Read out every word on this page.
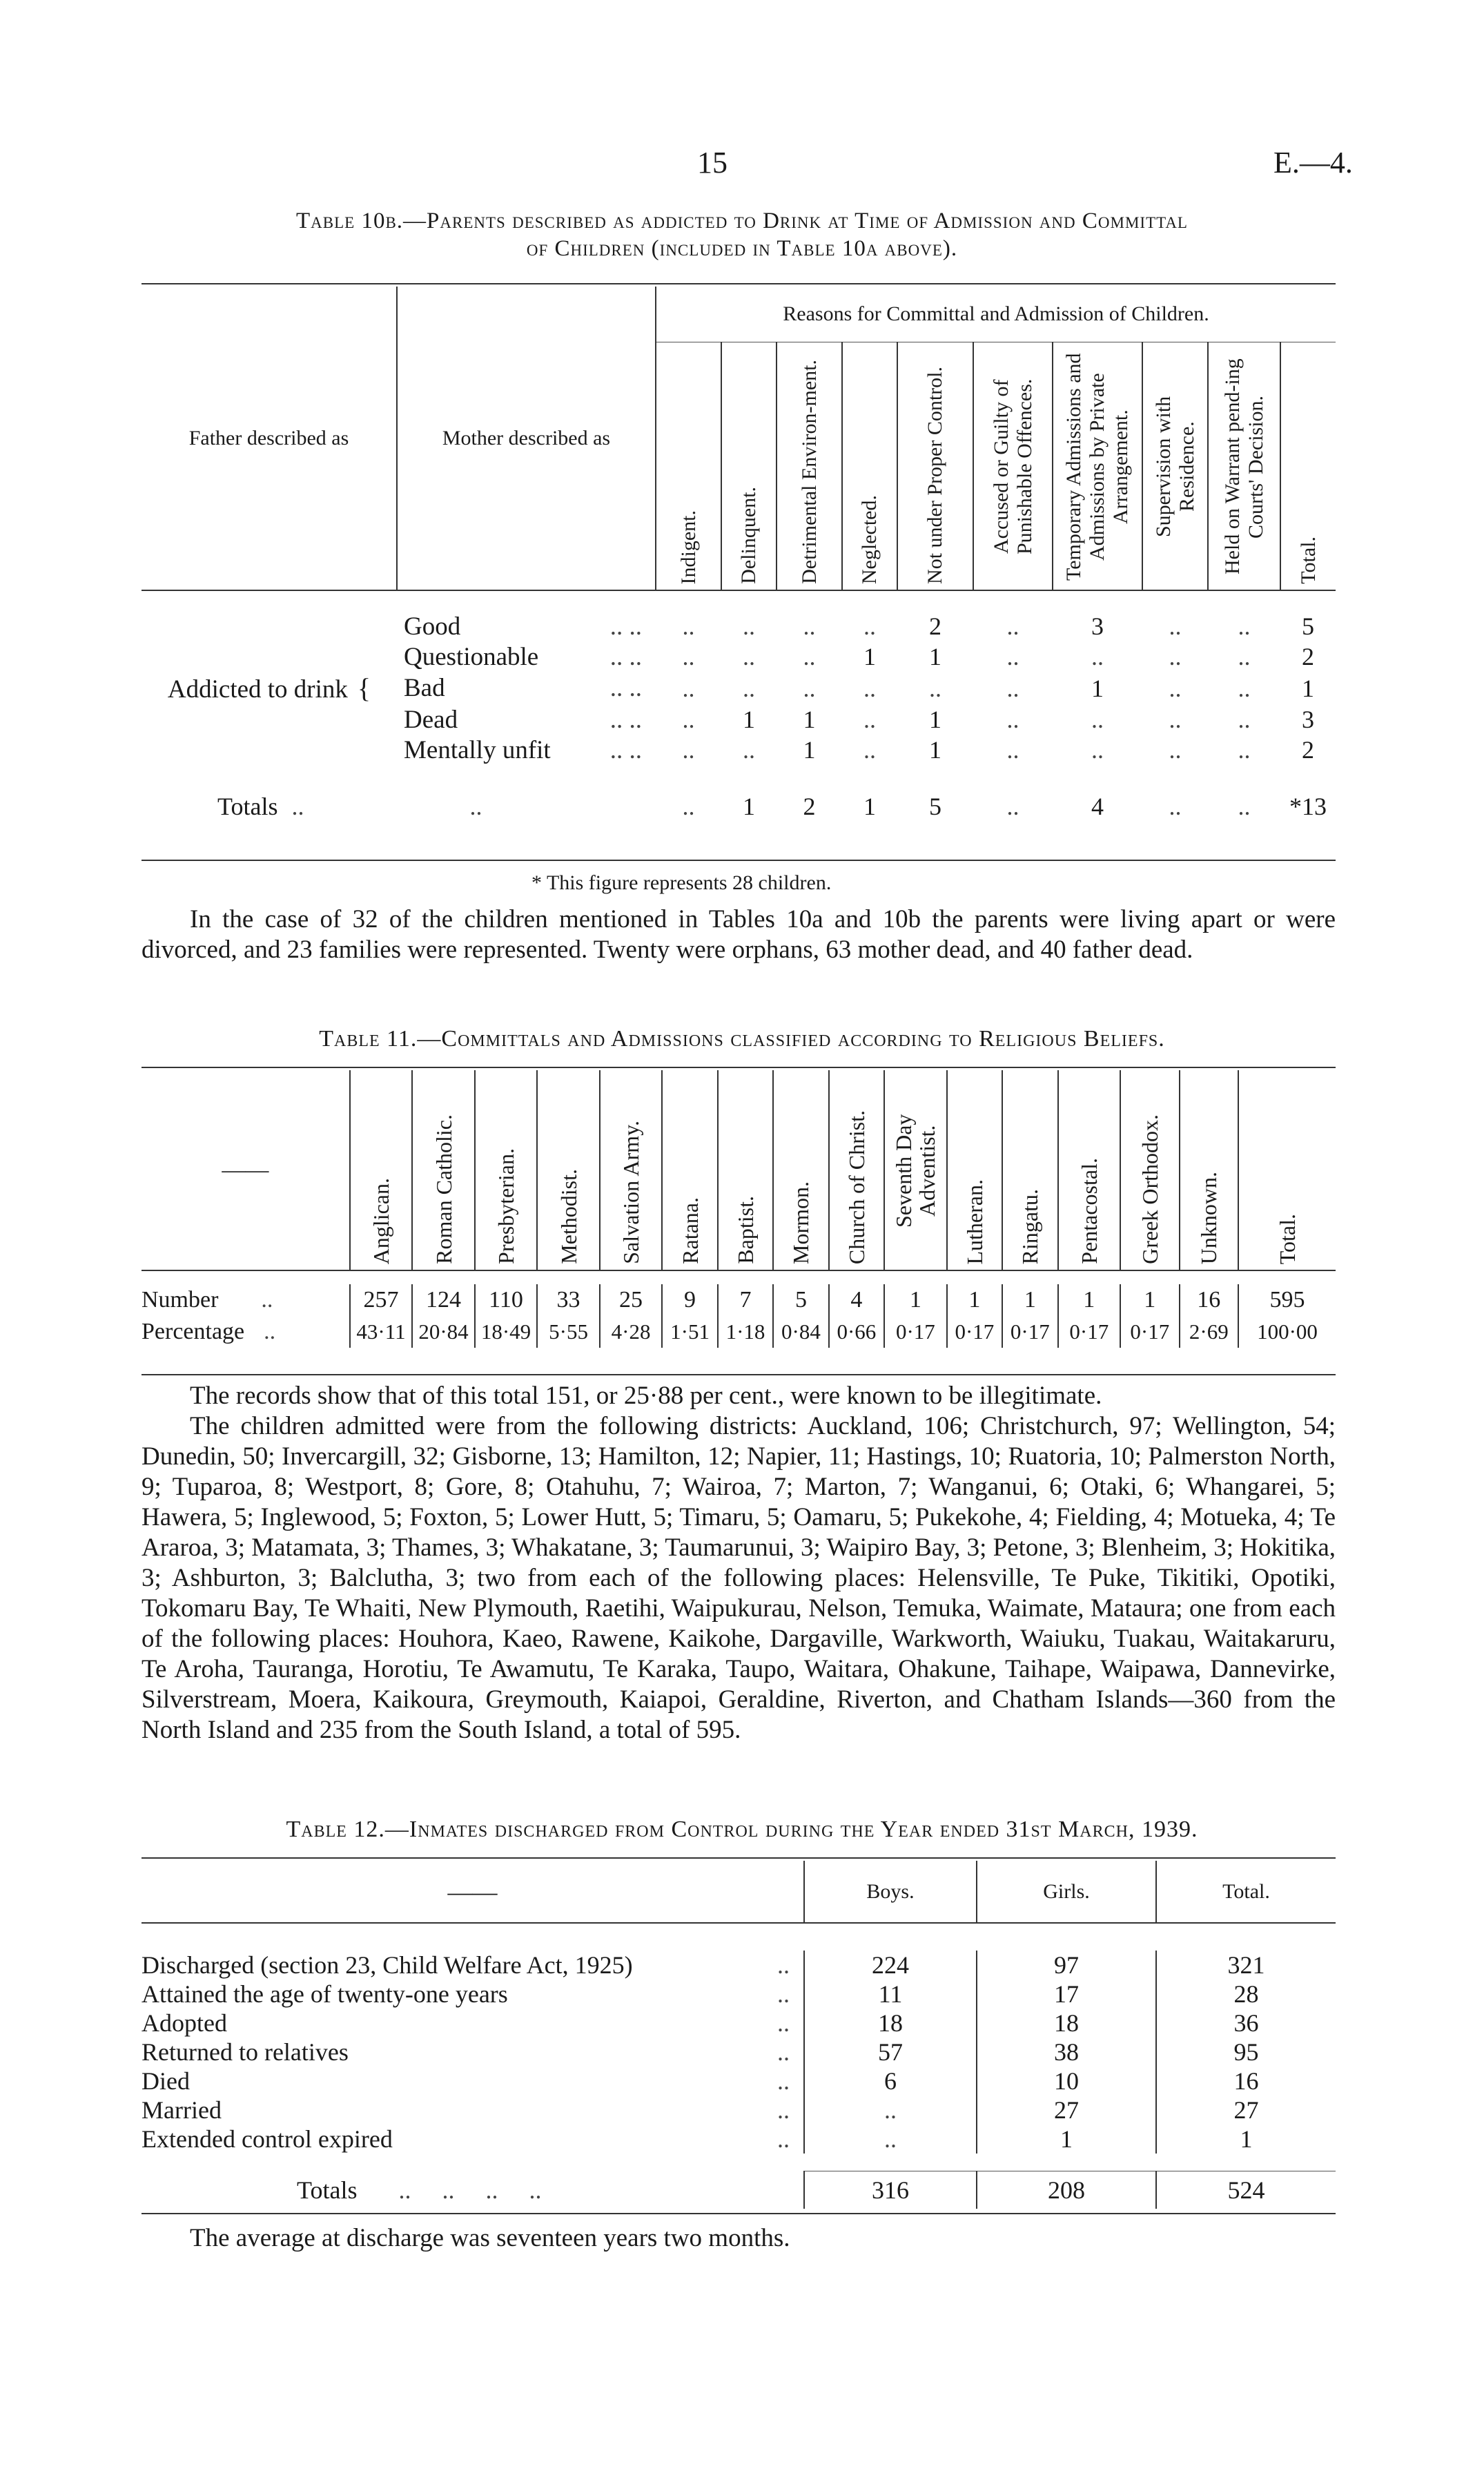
15	E.—4.
Table 10b.—Parents described as addicted to Drink at Time of Admission and Committal
of Children (included in Table 10a above).
Father described as	Mother described as	Reasons for Committal and Admission of Children.									

		Indigent.	Delinquent.	Detrimental Environ-ment.	Neglected.	Not under Proper Control.	Accused or Guilty of Punishable Offences.	Temporary Admissions and Admissions by Private Arrangement.	Supervision with Residence.	Held on Warrant pend-ing Courts' Decision.	Total.

	Good .. ..	..	..	..	..	2	..	3	..	..	5
	Questionable .. ..	..	..	..	1	1	..	..	..	..	2
Addicted to drink {	Bad .. ..	..	..	..	..	..	..	1	..	..	1
	Dead .. ..	..	1	1	..	1	..	..	..	..	3
	Mentally unfit .. ..	..	..	1	..	1	..	..	..	..	2

Totals .. ..		..	1	2	1	5	..	4	..	..	*13
* This figure represents 28 children.

In the case of 32 of the children mentioned in Tables 10a and 10b the parents were living apart or were divorced, and 23 families were represented. Twenty were orphans, 63 mother dead, and 40 father dead.

Table 11.—Committals and Admissions classified according to Religious Beliefs.
——	Anglican.	Roman Catholic.	Presbyterian.	Methodist.	Salvation Army.	Ratana.	Baptist.	Mormon.	Church of Christ.	Seventh Day Adventist.	Lutheran.	Ringatu.	Pentacostal.	Greek Orthodox.	Unknown.	Total.

Number ..	257	124	110	33	25	9	7	5	4	1	1	1	1	1	16	595
Percentage ..	43·11	20·84	18·49	5·55	4·28	1·51	1·18	0·84	0·66	0·17	0·17	0·17	0·17	0·17	2·69	100·00

The records show that of this total 151, or 25·88 per cent., were known to be illegitimate.

The children admitted were from the following districts: Auckland, 106; Christchurch, 97; Wellington, 54; Dunedin, 50; Invercargill, 32; Gisborne, 13; Hamilton, 12; Napier, 11; Hastings, 10; Ruatoria, 10; Palmerston North, 9; Tuparoa, 8; Westport, 8; Gore, 8; Otahuhu, 7; Wairoa, 7; Marton, 7; Wanganui, 6; Otaki, 6; Whangarei, 5; Hawera, 5; Inglewood, 5; Foxton, 5; Lower Hutt, 5; Timaru, 5; Oamaru, 5; Pukekohe, 4; Fielding, 4; Motueka, 4; Te Araroa, 3; Matamata, 3; Thames, 3; Whakatane, 3; Taumarunui, 3; Waipiro Bay, 3; Petone, 3; Blenheim, 3; Hokitika, 3; Ashburton, 3; Balclutha, 3; two from each of the following places: Helensville, Te Puke, Tikitiki, Opotiki, Tokomaru Bay, Te Whaiti, New Plymouth, Raetihi, Waipukurau, Nelson, Temuka, Waimate, Mataura; one from each of the following places: Houhora, Kaeo, Rawene, Kaikohe, Dargaville, Warkworth, Waiuku, Tuakau, Waitakaruru, Te Aroha, Tauranga, Horotiu, Te Awamutu, Te Karaka, Taupo, Waitara, Ohakune, Taihape, Waipawa, Dannevirke, Silverstream, Moera, Kaikoura, Greymouth, Kaiapoi, Geraldine, Riverton, and Chatham Islands—360 from the North Island and 235 from the South Island, a total of 595.

Table 12.—Inmates discharged from Control during the Year ended 31st March, 1939.
——	Boys.	Girls.	Total.

Discharged (section 23, Child Welfare Act, 1925) ..	224	97	321
Attained the age of twenty-one years ..	11	17	28
Adopted ..	18	18	36
Returned to relatives ..	57	38	95
Died ..	6	10	16
Married ..	..	27	27
Extended control expired ..	..	1	1

Totals ..     ..     ..     ..	316	208	524

The average at discharge was seventeen years two months.
